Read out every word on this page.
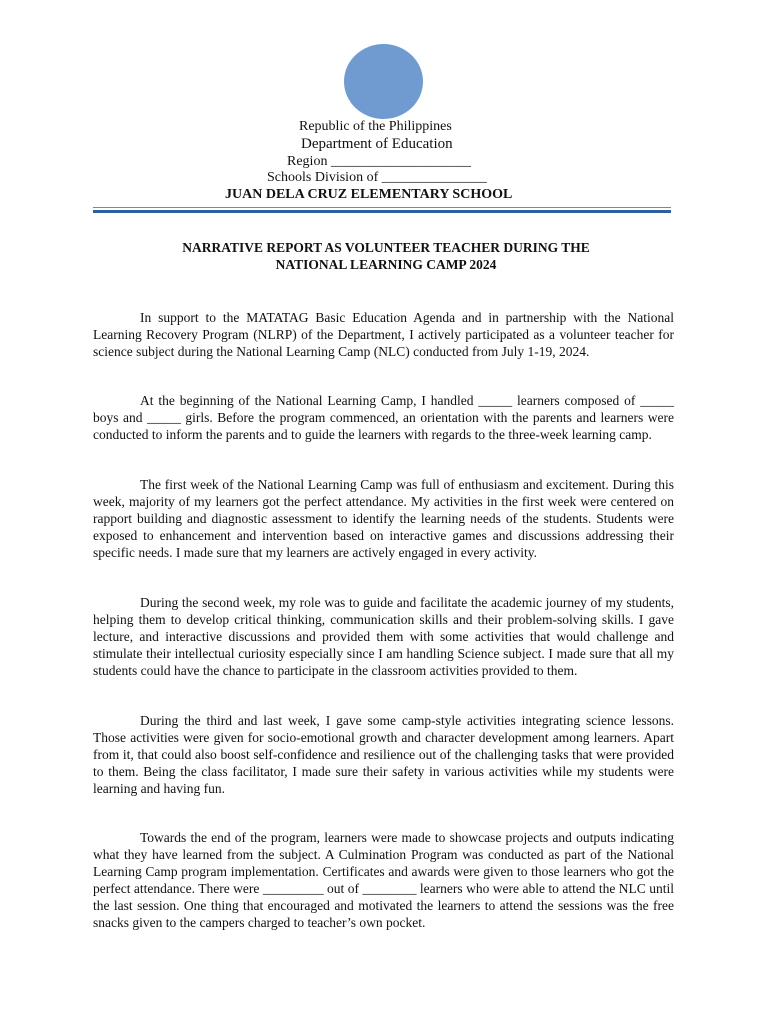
Republic of the Philippines
Department of Education
Region ____________________
Schools Division of _______________
JUAN DELA CRUZ ELEMENTARY SCHOOL
NARRATIVE REPORT AS VOLUNTEER TEACHER DURING THE
NATIONAL LEARNING CAMP 2024

In support to the MATATAG Basic Education Agenda and in partnership with the National Learning Recovery Program (NLRP) of the Department, I actively participated as a volunteer teacher for science subject during the National Learning Camp (NLC) conducted from July 1-19, 2024.

At the beginning of the National Learning Camp, I handled _____ learners composed of _____ boys and _____ girls. Before the program commenced, an orientation with the parents and learners were conducted to inform the parents and to guide the learners with regards to the three-week learning camp.

The first week of the National Learning Camp was full of enthusiasm and excitement. During this week, majority of my learners got the perfect attendance. My activities in the first week were centered on rapport building and diagnostic assessment to identify the learning needs of the students. Students were exposed to enhancement and intervention based on interactive games and discussions addressing their specific needs. I made sure that my learners are actively engaged in every activity.

During the second week, my role was to guide and facilitate the academic journey of my students, helping them to develop critical thinking, communication skills and their problem-solving skills. I gave lecture, and interactive discussions and provided them with some activities that would challenge and stimulate their intellectual curiosity especially since I am handling Science subject. I made sure that all my students could have the chance to participate in the classroom activities provided to them.

During the third and last week, I gave some camp-style activities integrating science lessons. Those activities were given for socio-emotional growth and character development among learners. Apart from it, that could also boost self-confidence and resilience out of the challenging tasks that were provided to them. Being the class facilitator, I made sure their safety in various activities while my students were learning and having fun.

Towards the end of the program, learners were made to showcase projects and outputs indicating what they have learned from the subject. A Culmination Program was conducted as part of the National Learning Camp program implementation. Certificates and awards were given to those learners who got the perfect attendance. There were _________ out of ________ learners who were able to attend the NLC until the last session. One thing that encouraged and motivated the learners to attend the sessions was the free snacks given to the campers charged to teacher’s own pocket.
